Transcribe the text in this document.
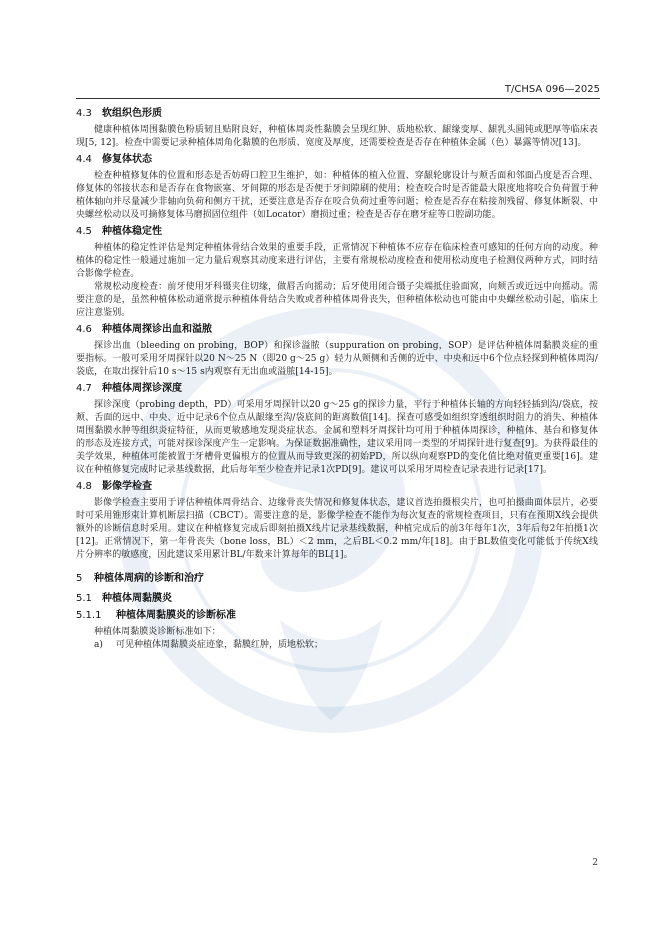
T/CHSA 096—2025
4.3 软组织色形质

健康种植体周围黏膜色粉质韧且贴附良好，种植体周炎性黏膜会呈现红肿、质地松软、龈缘变厚、龈乳头圆钝或肥厚等临床表现[5, 12]。检查中需要记录种植体周角化黏膜的色形质、宽度及厚度，还需要检查是否存在种植体金属（色）暴露等情况[13]。

4.4 修复体状态

检查种植修复体的位置和形态是否妨碍口腔卫生维护，如：种植体的植入位置、穿龈轮廓设计与颊舌面和邻面凸度是否合理、修复体的邻接状态和是否存在食物嵌塞、牙间隙的形态是否便于牙间隙刷的使用；检查咬合时是否能最大限度地将咬合负荷置于种植体轴向并尽量减少非轴向负荷和侧方干扰，还要注意是否存在咬合负荷过重等问题；检查是否存在粘接剂残留、修复体断裂、中央螺丝松动以及可摘修复体马磨损固位组件（如Locator）磨损过重；检查是否存在磨牙症等口腔副功能。

4.5 种植体稳定性

种植体的稳定性评估是判定种植体骨结合效果的重要手段，正常情况下种植体不应存在临床检查可感知的任何方向的动度。种植体的稳定性一般通过施加一定力量后观察其动度来进行评估，主要有常规松动度检查和使用松动度电子检测仪两种方式，同时结合影像学检查。

常规松动度检查：前牙使用牙科镊夹住切缘，做唇舌向摇动；后牙使用闭合镊子尖端抵住验面窝，向颊舌或近远中向摇动。需要注意的是，虽然种植体松动通常提示种植体骨结合失败或者种植体周骨丧失，但种植体松动也可能由中央螺丝松动引起，临床上应注意鉴别。

4.6 种植体周探诊出血和溢脓

探诊出血（bleeding on probing，BOP）和探诊溢脓（suppuration on probing，SOP）是评估种植体周黏膜炎症的重要指标。一般可采用牙周探针以20 N～25 N（即20 g～25 g）轻力从颊侧和舌侧的近中、中央和远中6个位点轻探到种植体周沟/袋底，在取出探针后10 s～15 s内观察有无出血或溢脓[14-15]。

4.7 种植体周探诊深度

探诊深度（probing depth，PD）可采用牙周探针以20 g～25 g的探诊力量，平行于种植体长轴的方向轻轻插到沟/袋底，按颊、舌面的远中、中央、近中记录6个位点从龈缘至沟/袋底间的距离数值[14]。探查可感受如组织穿透组织时阻力的消失、种植体周围黏膜水肿等组织炎症特征，从而更敏感地发现炎症状态。金属和塑料牙周探针均可用于种植体周探诊，种植体、基台和修复体的形态及连接方式，可能对探诊深度产生一定影响。为保证数据准确性，建议采用同一类型的牙周探针进行复查[9]。为获得最佳的美学效果，种植体可能被置于牙槽骨更偏根方的位置从而导致更深的初始PD，所以纵向观察PD的变化值比绝对值更重要[16]。建议在种植修复完成时记录基线数据，此后每年至少检查并记录1次PD[9]。建议可以采用牙周检查记录表进行记录[17]。

4.8 影像学检查

影像学检查主要用于评估种植体周骨结合、边缘骨丧失情况和修复体状态，建议首选拍摄根尖片，也可拍摄曲面体层片，必要时可采用锥形束计算机断层扫描（CBCT）。需要注意的是，影像学检查不能作为每次复查的常规检查项目，只有在预期X线会提供额外的诊断信息时采用。建议在种植修复完成后即刻拍摄X线片记录基线数据，种植完成后的前3年每年1次，3年后每2年拍摄1次[12]。正常情况下，第一年骨丧失（bone loss，BL）＜2 mm，之后BL＜0.2 mm/年[18]。由于BL数值变化可能低于传统X线片分辨率的敏感度，因此建议采用累计BL/年数来计算每年的BL[1]。

5 种植体周病的诊断和治疗
5.1 种植体周黏膜炎
5.1.1 种植体周黏膜炎的诊断标准

种植体周黏膜炎诊断标准如下：

a) 可见种植体周黏膜炎症迹象，黏膜红肿，质地松软；
2
